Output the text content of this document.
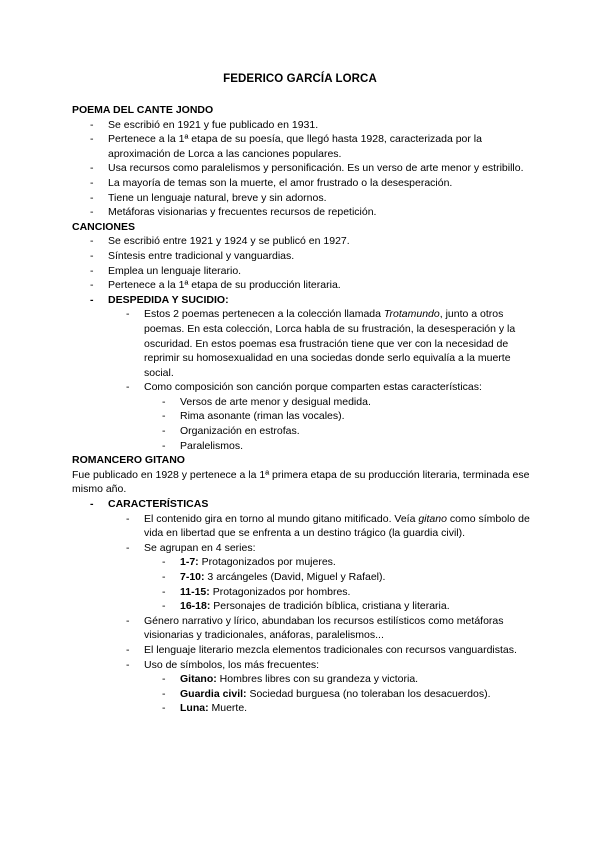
FEDERICO GARCÍA LORCA

POEMA DEL CANTE JONDO

- Se escribió en 1921 y fue publicado en 1931.
- Pertenece a la 1ª etapa de su poesía, que llegó hasta 1928, caracterizada por la aproximación de Lorca a las canciones populares.
- Usa recursos como paralelismos y personificación. Es un verso de arte menor y estribillo.
- La mayoría de temas son la muerte, el amor frustrado o la desesperación.
- Tiene un lenguaje natural, breve y sin adornos.
- Metáforas visionarias y frecuentes recursos de repetición.

CANCIONES

- Se escribió entre 1921 y 1924 y se publicó en 1927.
- Síntesis entre tradicional y vanguardias.
- Emplea un lenguaje literario.
- Pertenece a la 1ª etapa de su producción literaria.
- DESPEDIDA Y SUCIDIO:
- Estos 2 poemas pertenecen a la colección llamada Trotamundo, junto a otros poemas. En esta colección, Lorca habla de su frustración, la desesperación y la oscuridad. En estos poemas esa frustración tiene que ver con la necesidad de reprimir su homosexualidad en una sociedas donde serlo equivalía a la muerte social.
- Como composición son canción porque comparten estas características:
- Versos de arte menor y desigual medida.
- Rima asonante (riman las vocales).
- Organización en estrofas.
- Paralelismos.

ROMANCERO GITANO

Fue publicado en 1928 y pertenece a la 1ª primera etapa de su producción literaria, terminada ese mismo año.

- CARACTERÍSTICAS
- El contenido gira en torno al mundo gitano mitificado. Veía gitano como símbolo de vida en libertad que se enfrenta a un destino trágico (la guardia civil).
- Se agrupan en 4 series:
- 1-7: Protagonizados por mujeres.
- 7-10: 3 arcángeles (David, Miguel y Rafael).
- 11-15: Protagonizados por hombres.
- 16-18: Personajes de tradición bíblica, cristiana y literaria.
- Género narrativo y lírico, abundaban los recursos estilísticos como metáforas visionarias y tradicionales, anáforas, paralelismos...
- El lenguaje literario mezcla elementos tradicionales con recursos vanguardistas.
- Uso de símbolos, los más frecuentes:
- Gitano: Hombres libres con su grandeza y victoria.
- Guardia civil: Sociedad burguesa (no toleraban los desacuerdos).
- Luna: Muerte.
